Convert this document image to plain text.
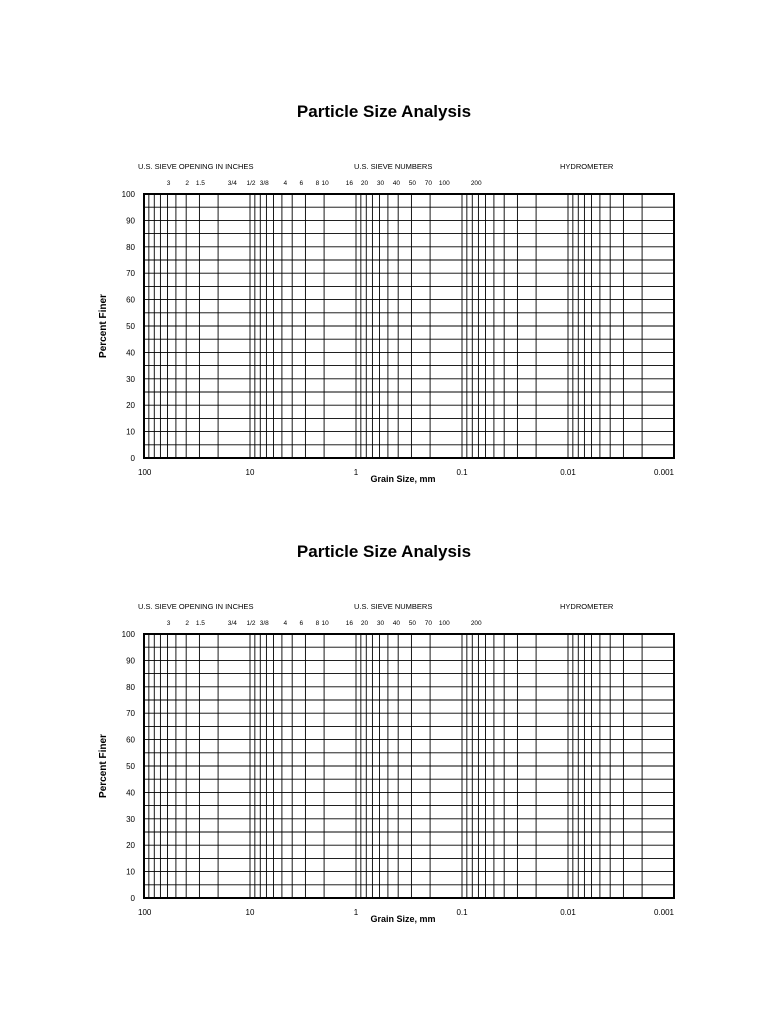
Particle Size Analysis
0
10
20
30
40
50
60
70
80
90
100
100	10	1	0.1	0.01	0.001
Grain Size, mm
Percent Finer
U.S. SIEVE OPENING IN INCHES	U.S. SIEVE NUMBERS	HYDROMETER
3 2 1.5	3/4 1/2 3/8 4 6 8 10	16 20 30 40 50 70 100	200
Particle Size Analysis
0
10
20
30
40
50
60
70
80
90
100
100	10	1	0.1	0.01	0.001
Grain Size, mm
Percent Finer
U.S. SIEVE OPENING IN INCHES	U.S. SIEVE NUMBERS	HYDROMETER
3 2 1.5	3/4 1/2 3/8 4 6 8 10	16 20 30 40 50 70 100	200
